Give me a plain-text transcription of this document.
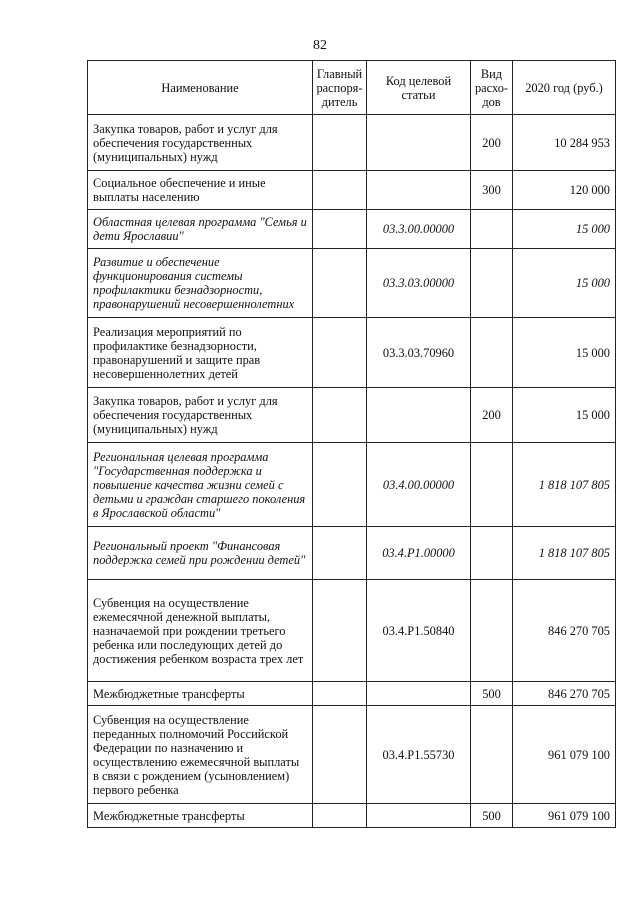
82
Наименование	Главный распоря-дитель	Код целевой статьи	Вид расхо-дов	2020 год (руб.)
Закупка товаров, работ и услуг для обеспечения государственных (муниципальных) нужд			200	10 284 953
Социальное обеспечение и иные выплаты населению			300	120 000
Областная целевая программа "Семья и дети Ярославии"		03.3.00.00000		15 000
Развитие и обеспечение функционирования системы профилактики безнадзорности, правонарушений несовершеннолетних		03.3.03.00000		15 000
Реализация мероприятий по профилактике безнадзорности, правонарушений и защите прав несовершеннолетних детей		03.3.03.70960		15 000
Закупка товаров, работ и услуг для обеспечения государственных (муниципальных) нужд			200	15 000
Региональная целевая программа "Государственная поддержка и повышение качества жизни семей с детьми и граждан старшего поколения в Ярославской области"		03.4.00.00000		1 818 107 805
Региональный проект "Финансовая поддержка семей при рождении детей"		03.4.P1.00000		1 818 107 805
Субвенция на осуществление ежемесячной денежной выплаты, назначаемой при рождении третьего ребенка или последующих детей до достижения ребенком возраста трех лет		03.4.P1.50840		846 270 705
Межбюджетные трансферты			500	846 270 705
Субвенция на осуществление переданных полномочий Российской Федерации по назначению и осуществлению ежемесячной выплаты в связи с рождением (усыновлением) первого ребенка		03.4.P1.55730		961 079 100
Межбюджетные трансферты			500	961 079 100
